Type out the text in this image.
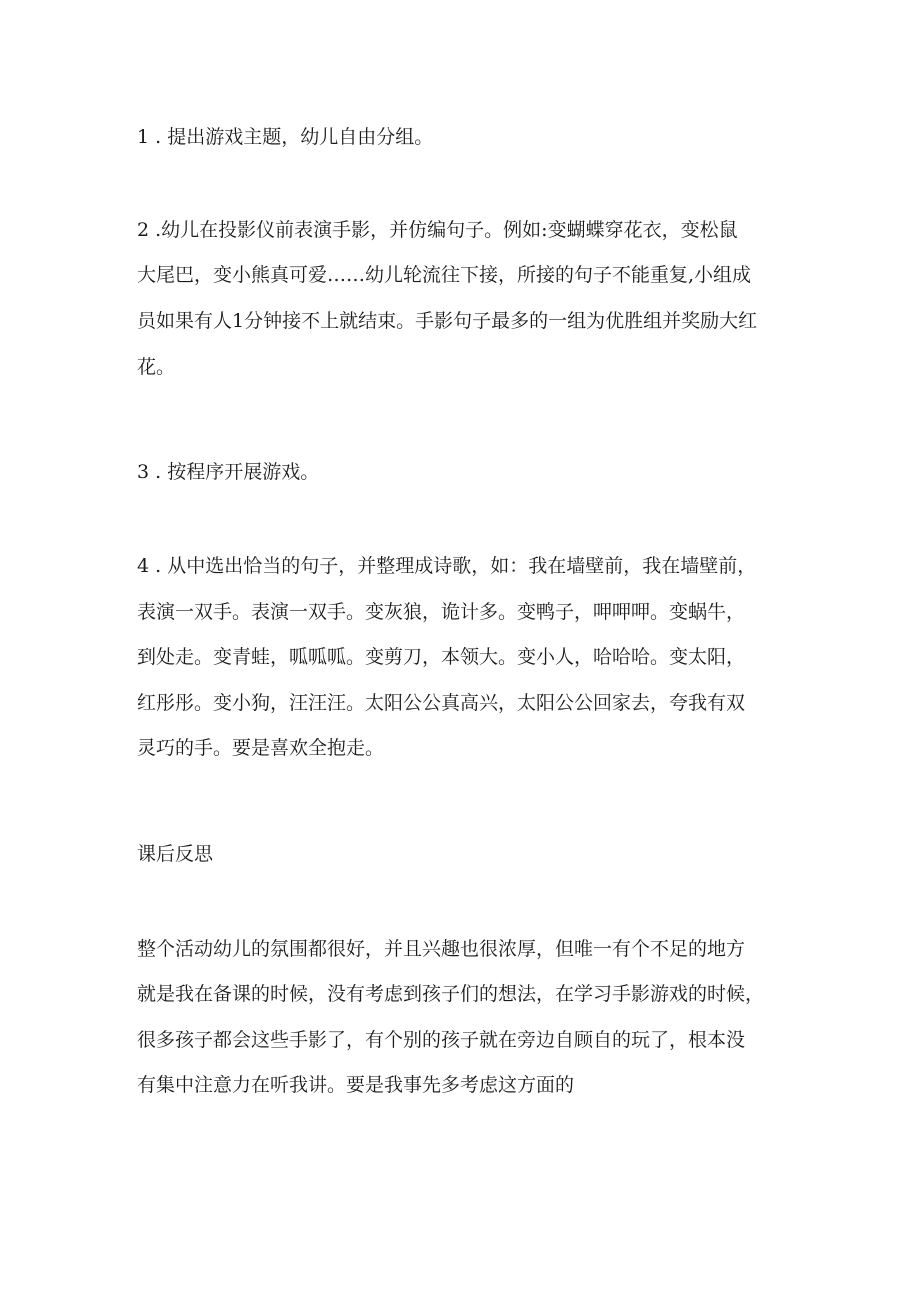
1 . 提出游戏主题，幼儿自由分组。
2 .幼儿在投影仪前表演手影，并仿编句子。例如:变蝴蝶穿花衣，变松鼠
大尾巴，变小熊真可爱……幼儿轮流往下接，所接的句子不能重复,小组成
员如果有人1分钟接不上就结束。手影句子最多的一组为优胜组并奖励大红
花。
3 . 按程序开展游戏。
4 . 从中选出恰当的句子，并整理成诗歌，如：我在墙壁前，我在墙壁前，
表演一双手。表演一双手。变灰狼，诡计多。变鸭子，呷呷呷。变蜗牛，
到处走。变青蛙，呱呱呱。变剪刀，本领大。变小人，哈哈哈。变太阳，
红彤彤。变小狗，汪汪汪。太阳公公真高兴，太阳公公回家去，夸我有双
灵巧的手。要是喜欢全抱走。
课后反思
整个活动幼儿的氛围都很好，并且兴趣也很浓厚，但唯一有个不足的地方
就是我在备课的时候，没有考虑到孩子们的想法，在学习手影游戏的时候，
很多孩子都会这些手影了，有个别的孩子就在旁边自顾自的玩了，根本没
有集中注意力在听我讲。要是我事先多考虑这方面的
